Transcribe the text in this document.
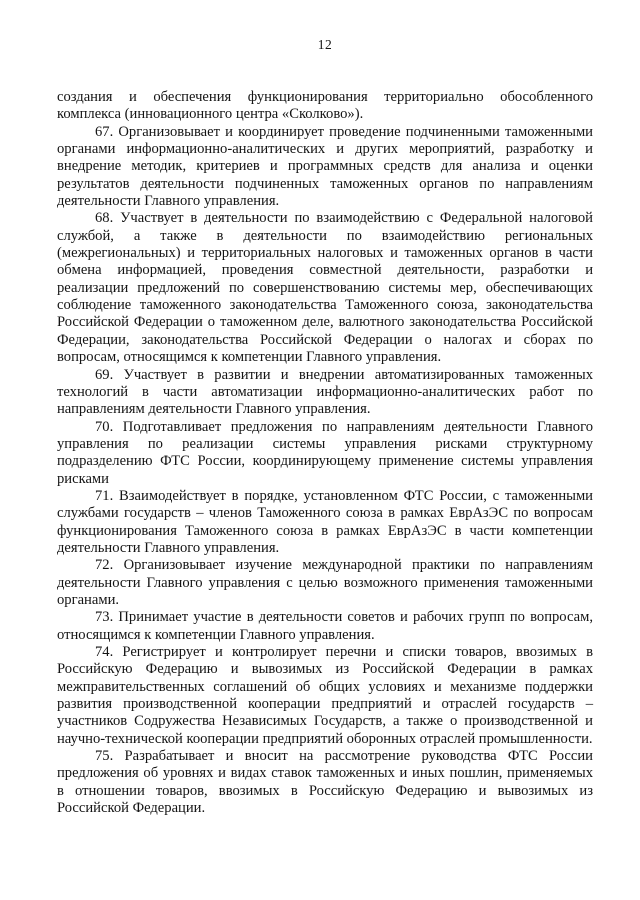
12

создания и обеспечения функционирования территориально обособленного комплекса (инновационного центра «Сколково»).

67. Организовывает и координирует проведение подчиненными таможенными органами информационно-аналитических и других мероприятий, разработку и внедрение методик, критериев и программных средств для анализа и оценки результатов деятельности подчиненных таможенных органов по направлениям деятельности Главного управления.

68. Участвует в деятельности по взаимодействию с Федеральной налоговой службой, а также в деятельности по взаимодействию региональных (межрегиональных) и территориальных налоговых и таможенных органов в части обмена информацией, проведения совместной деятельности, разработки и реализации предложений по совершенствованию системы мер, обеспечивающих соблюдение таможенного законодательства Таможенного союза, законодательства Российской Федерации о таможенном деле, валютного законодательства Российской Федерации, законодательства Российской Федерации о налогах и сборах по вопросам, относящимся к компетенции Главного управления.

69. Участвует в развитии и внедрении автоматизированных таможенных технологий в части автоматизации информационно-аналитических работ по направлениям деятельности Главного управления.

70. Подготавливает предложения по направлениям деятельности Главного управления по реализации системы управления рисками структурному подразделению ФТС России, координирующему применение системы управления рисками

71. Взаимодействует в порядке, установленном ФТС России, с таможенными службами государств – членов Таможенного союза в рамках ЕврАзЭС по вопросам функционирования Таможенного союза в рамках ЕврАзЭС в части компетенции деятельности Главного управления.

72. Организовывает изучение международной практики по направлениям деятельности Главного управления с целью возможного применения таможенными органами.

73. Принимает участие в деятельности советов и рабочих групп по вопросам, относящимся к компетенции Главного управления.

74. Регистрирует и контролирует перечни и списки товаров, ввозимых в Российскую Федерацию и вывозимых из Российской Федерации в рамках межправительственных соглашений об общих условиях и механизме поддержки развития производственной кооперации предприятий и отраслей государств – участников Содружества Независимых Государств, а также о производственной и научно-технической кооперации предприятий оборонных отраслей промышленности.

75. Разрабатывает и вносит на рассмотрение руководства ФТС России предложения об уровнях и видах ставок таможенных и иных пошлин, применяемых в отношении товаров, ввозимых в Российскую Федерацию и вывозимых из Российской Федерации.
